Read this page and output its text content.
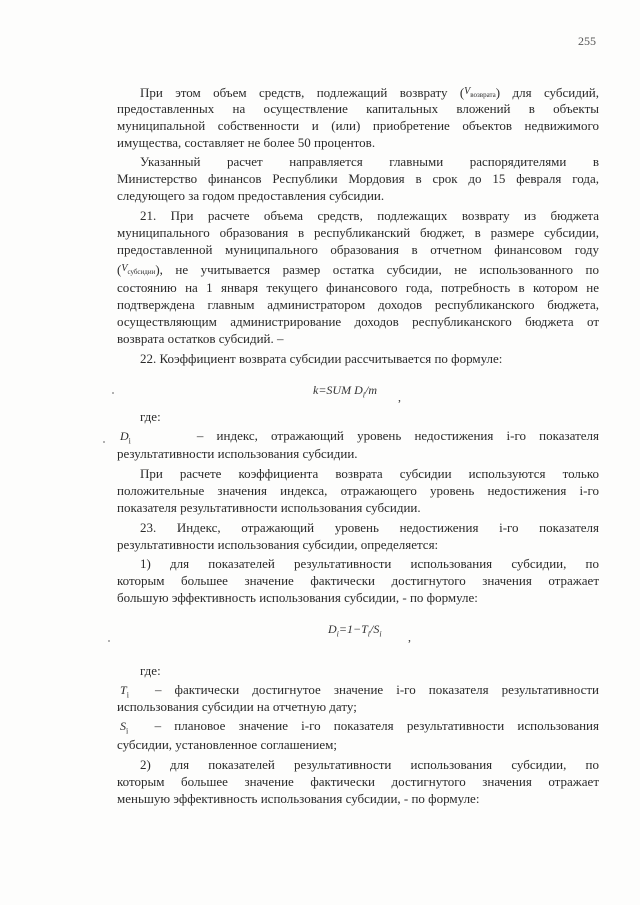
255
При этом объем средств, подлежащий возврату $(V_{возврата})$ для субсидий,
предоставленных на осуществление капитальных вложений в объекты
муниципальной собственности и (или) приобретение объектов недвижимого
имущества, составляет не более 50 процентов.
Указанный расчет направляется главными распорядителями в
Министерство финансов Республики Мордовия в срок до 15 февраля года,
следующего за годом предоставления субсидии.
21. При расчете объема средств, подлежащих возврату из бюджета
муниципального образования в республиканский бюджет, в размере субсидии,
предоставленной муниципального образования в отчетном финансовом году
$(V_{субсидии})$, не учитывается размер остатка субсидии, не использованного по
состоянию на 1 января текущего финансового года, потребность в котором не
подтверждена главным администратором доходов республиканского бюджета,
осуществляющим администрирование доходов республиканского бюджета от
возврата остатков субсидий. –
22. Коэффициент возврата субсидии рассчитывается по формуле:
k=SUM $D_i/m$ ,
где:
$D_i$	– индекс, отражающий уровень недостижения i-го показателя
результативности использования субсидии.
При расчете коэффициента возврата субсидии используются только
положительные значения индекса, отражающего уровень недостижения i-го
показателя результативности использования субсидии.
23. Индекс, отражающий уровень недостижения i-го показателя
результативности использования субсидии, определяется:
1) для показателей результативности использования субсидии, по
которым большее значение фактически достигнутого значения отражает
большую эффективность использования субсидии, - по формуле:
$D_i=1-T_i/S_i$ ,
где:
$T_i$ – фактически достигнутое значение i-го показателя результативности
использования субсидии на отчетную дату;
$S_i$ – плановое значение i-го показателя результативности использования
субсидии, установленное соглашением;
2) для показателей результативности использования субсидии, по
которым большее значение фактически достигнутого значения отражает
меньшую эффективность использования субсидии, - по формуле:
